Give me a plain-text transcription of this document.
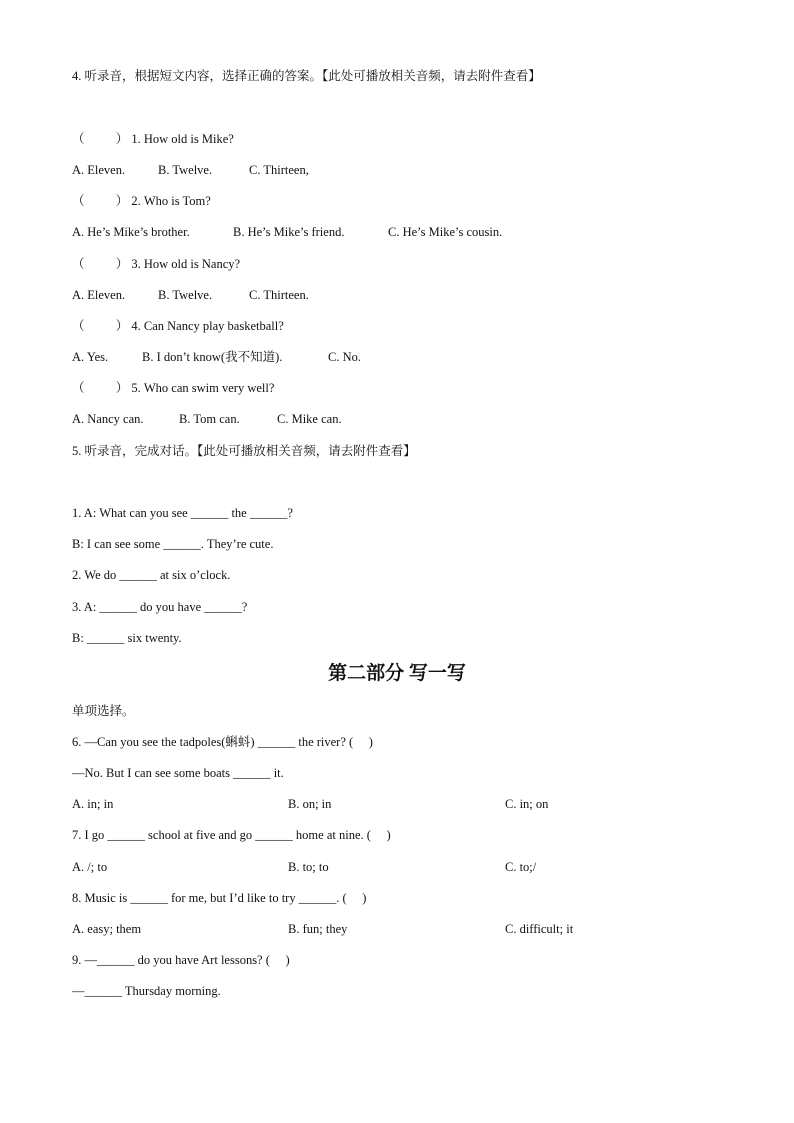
4. 听录音，根据短文内容，选择正确的答案。【此处可播放相关音频，请去附件查看】
（ 　　 ） 1. How old is Mike?
A. Eleven.	B. Twelve.	C. Thirteen,
（ 　　 ） 2. Who is Tom?
A. He’s Mike’s brother.	B. He’s Mike’s friend.	C. He’s Mike’s cousin.
（ 　　 ） 3. How old is Nancy?
A. Eleven.	B. Twelve.	C. Thirteen.
（ 　　 ） 4. Can Nancy play basketball?
A. Yes.	B. I don’t know(我不知道).	C. No.
（ 　　 ） 5. Who can swim very well?
A. Nancy can.	B. Tom can.	C. Mike can.
5. 听录音，完成对话。【此处可播放相关音频，请去附件查看】
1. A: What can you see ______ the ______?
B: I can see some ______. They’re cute.
2. We do ______ at six o’clock.
3. A: ______ do you have ______?
B: ______ six twenty.
第二部分 写一写
单项选择。
6. —Can you see the tadpoles(蝌蚪) ______ the river? (　 )
—No. But I can see some boats ______ it.
A. in; in	B. on; in	C. in; on
7. I go ______ school at five and go ______ home at nine. (　 )
A. /; to	B. to; to	C. to;/
8. Music is ______ for me, but I’d like to try ______. (　 )
A. easy; them	B. fun; they	C. difficult; it
9. —______ do you have Art lessons? (　 )
—______ Thursday morning.
